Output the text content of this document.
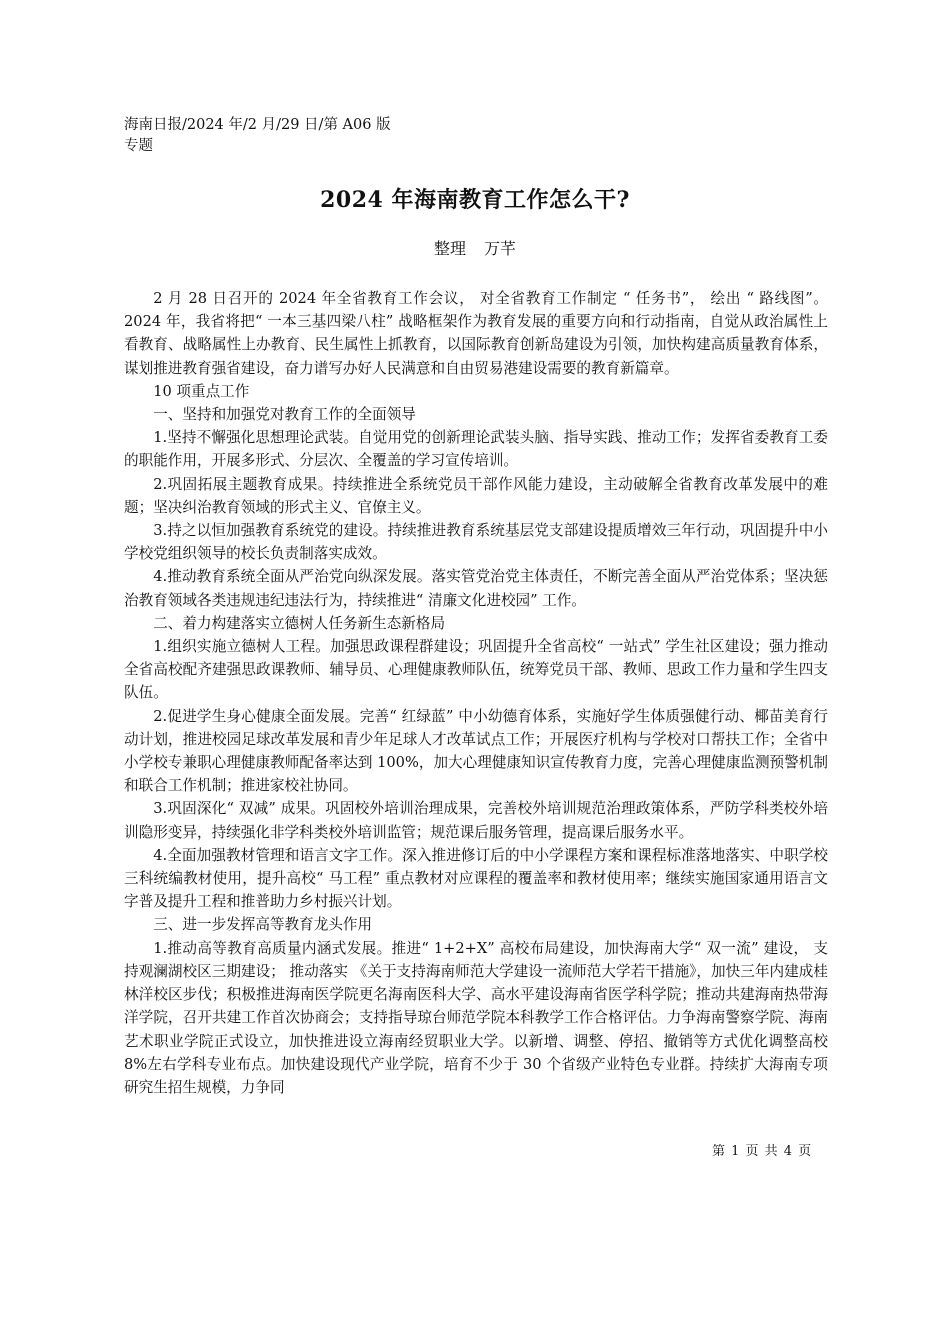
海南日报/2024 年/2 月/29 日/第 A06 版专题
2024 年海南教育工作怎么干?
整理 万芊

2 月 28 日召开的 2024 年全省教育工作会议， 对全省教育工作制定 “ 任务书”， 绘出 “ 路线图”。2024 年，我省将把“ 一本三基四梁八柱” 战略框架作为教育发展的重要方向和行动指南，自觉从政治属性上看教育、战略属性上办教育、民生属性上抓教育，以国际教育创新岛建设为引领，加快构建高质量教育体系，谋划推进教育强省建设，奋力谱写办好人民满意和自由贸易港建设需要的教育新篇章。

10 项重点工作

一、坚持和加强党对教育工作的全面领导

1.坚持不懈强化思想理论武装。自觉用党的创新理论武装头脑、指导实践、推动工作；发挥省委教育工委的职能作用，开展多形式、分层次、全覆盖的学习宣传培训。

2.巩固拓展主题教育成果。持续推进全系统党员干部作风能力建设，主动破解全省教育改革发展中的难题；坚决纠治教育领域的形式主义、官僚主义。

3.持之以恒加强教育系统党的建设。持续推进教育系统基层党支部建设提质增效三年行动，巩固提升中小学校党组织领导的校长负责制落实成效。

4.推动教育系统全面从严治党向纵深发展。落实管党治党主体责任，不断完善全面从严治党体系；坚决惩治教育领域各类违规违纪违法行为，持续推进“ 清廉文化进校园” 工作。

二、着力构建落实立德树人任务新生态新格局

1.组织实施立德树人工程。加强思政课程群建设；巩固提升全省高校“ 一站式” 学生社区建设；强力推动全省高校配齐建强思政课教师、辅导员、心理健康教师队伍，统筹党员干部、教师、思政工作力量和学生四支队伍。

2.促进学生身心健康全面发展。完善“ 红绿蓝” 中小幼德育体系，实施好学生体质强健行动、椰苗美育行动计划，推进校园足球改革发展和青少年足球人才改革试点工作；开展医疗机构与学校对口帮扶工作；全省中小学校专兼职心理健康教师配备率达到 100%，加大心理健康知识宣传教育力度，完善心理健康监测预警机制和联合工作机制；推进家校社协同。

3.巩固深化“ 双减” 成果。巩固校外培训治理成果，完善校外培训规范治理政策体系，严防学科类校外培训隐形变异，持续强化非学科类校外培训监管；规范课后服务管理，提高课后服务水平。

4.全面加强教材管理和语言文字工作。深入推进修订后的中小学课程方案和课程标准落地落实、中职学校三科统编教材使用，提升高校“ 马工程” 重点教材对应课程的覆盖率和教材使用率；继续实施国家通用语言文字普及提升工程和推普助力乡村振兴计划。

三、进一步发挥高等教育龙头作用

1.推动高等教育高质量内涵式发展。推进“ 1+2+X” 高校布局建设，加快海南大学“ 双一流” 建设， 支持观澜湖校区三期建设； 推动落实 《关于支持海南师范大学建设一流师范大学若干措施》，加快三年内建成桂林洋校区步伐；积极推进海南医学院更名海南医科大学、高水平建设海南省医学科学院；推动共建海南热带海洋学院，召开共建工作首次协商会；支持指导琼台师范学院本科教学工作合格评估。力争海南警察学院、海南艺术职业学院正式设立，加快推进设立海南经贸职业大学。以新增、调整、停招、撤销等方式优化调整高校 8%左右学科专业布点。加快建设现代产业学院，培育不少于 30 个省级产业特色专业群。持续扩大海南专项研究生招生规模，力争同

第 1 页 共 4 页
